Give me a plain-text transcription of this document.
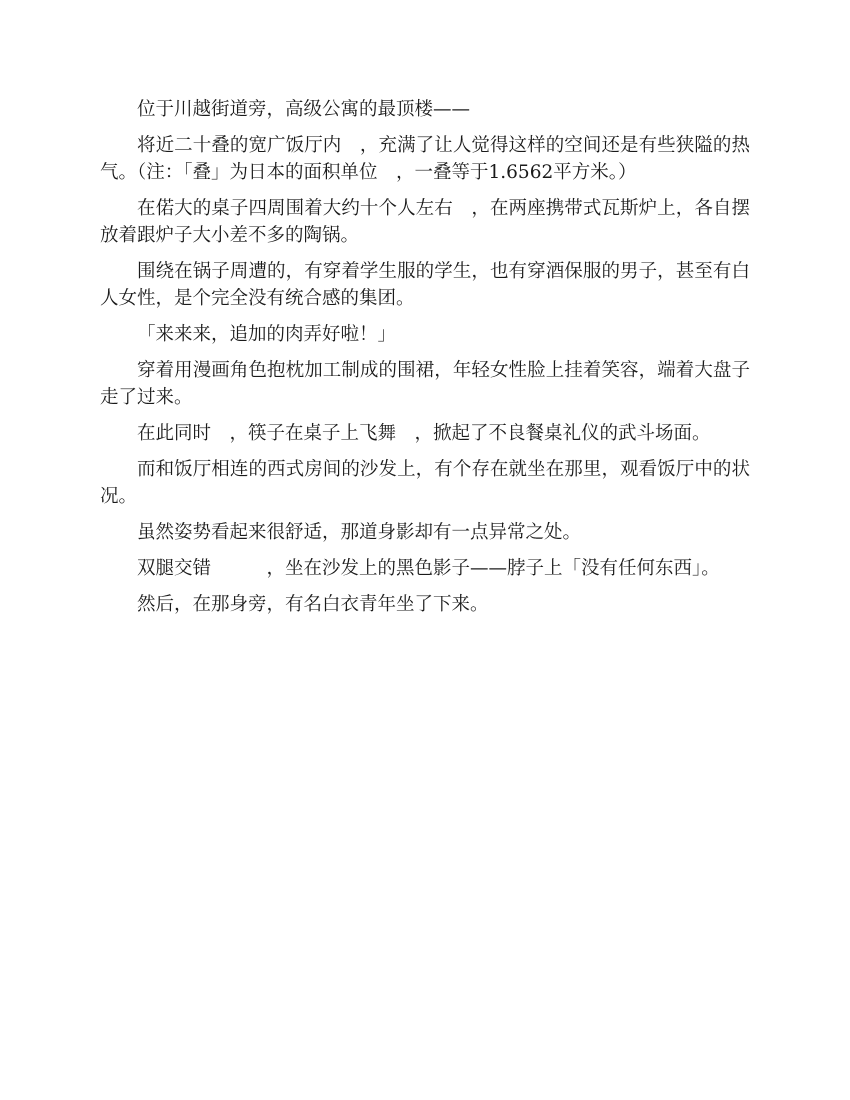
位于川越街道旁，高级公寓的最顶楼——

将近二十叠的宽广饭厅内　，充满了让人觉得这样的空间还是有些狭隘的热气。（注：「叠」为日本的面积单位　，一叠等于1.6562平方米。）

在偌大的桌子四周围着大约十个人左右　，在两座携带式瓦斯炉上，各自摆放着跟炉子大小差不多的陶锅。

围绕在锅子周遭的，有穿着学生服的学生，也有穿酒保服的男子，甚至有白人女性，是个完全没有统合感的集团。

「来来来，追加的肉弄好啦！」

穿着用漫画角色抱枕加工制成的围裙，年轻女性脸上挂着笑容，端着大盘子走了过来。

在此同时　，筷子在桌子上飞舞　，掀起了不良餐桌礼仪的武斗场面。

而和饭厅相连的西式房间的沙发上，有个存在就坐在那里，观看饭厅中的状况。

虽然姿势看起来很舒适，那道身影却有一点异常之处。

双腿交错　　　，坐在沙发上的黑色影子——脖子上「没有任何东西」。

然后，在那身旁，有名白衣青年坐了下来。
